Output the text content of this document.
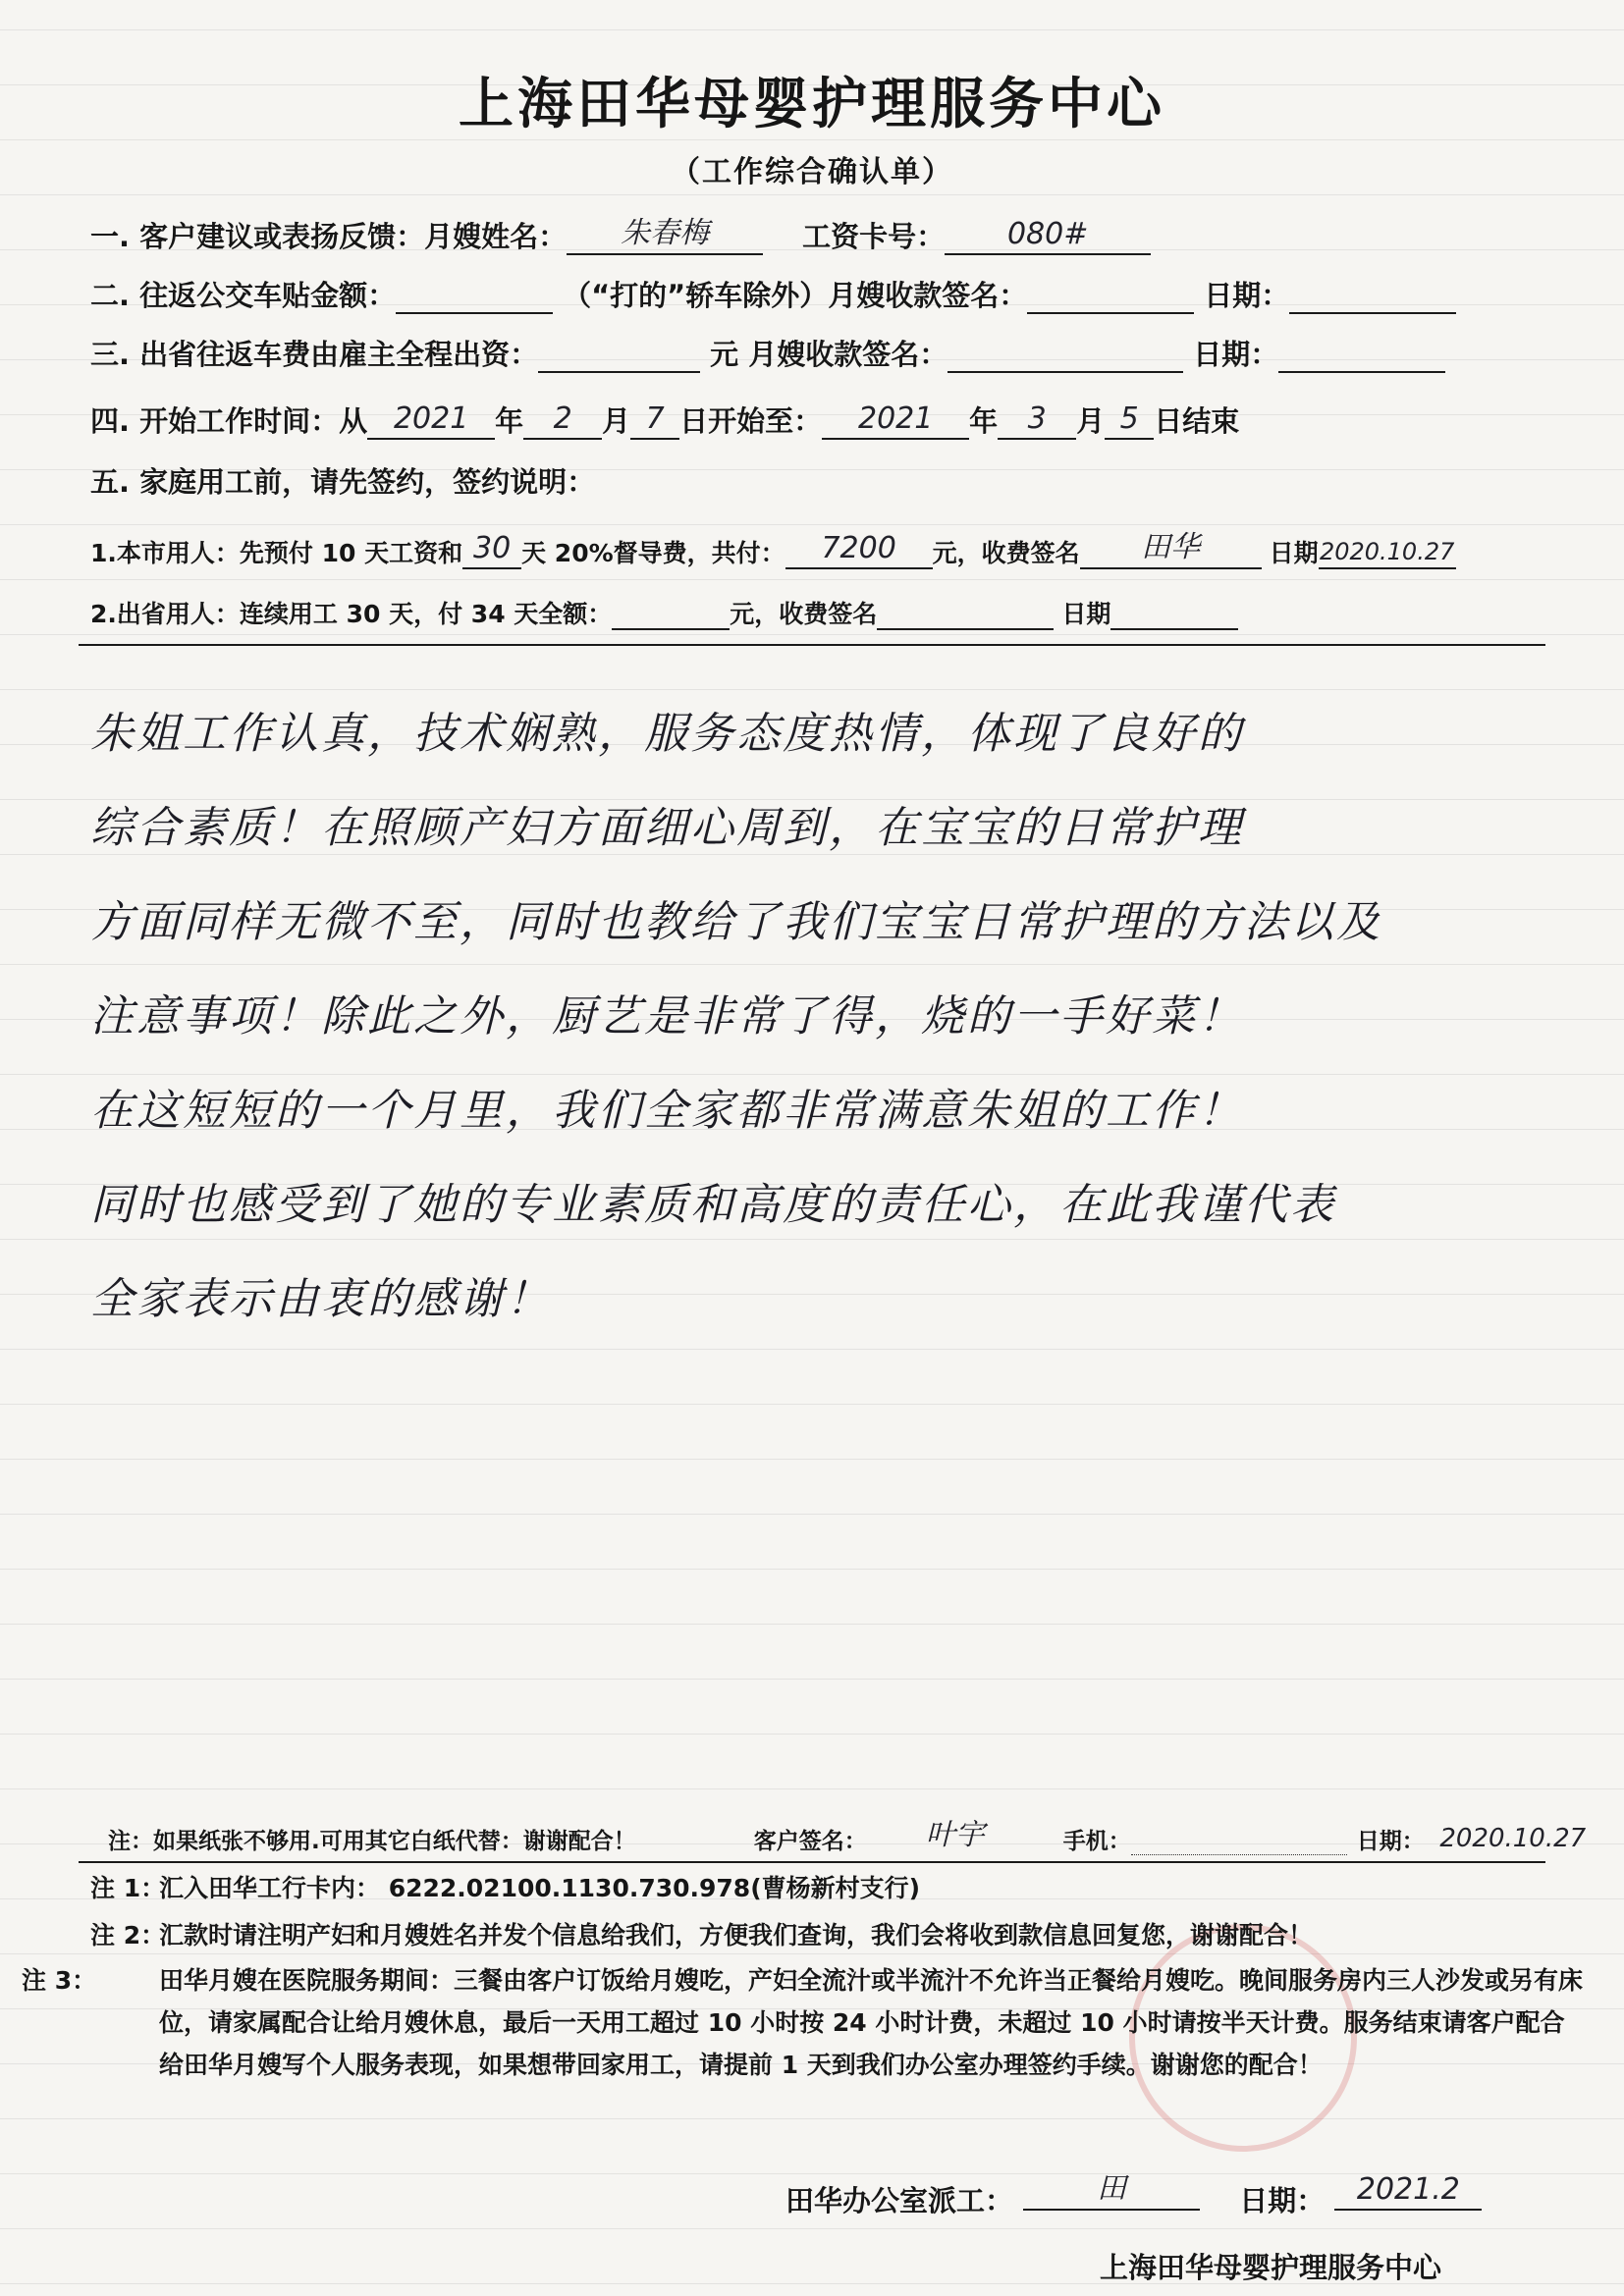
上海田华母婴护理服务中心
（工作综合确认单）
一. 客户建议或表扬反馈：月嫂姓名：	朱春梅	工资卡号：	080#
二. 往返公交车贴金额：	（“打的”轿车除外）月嫂收款签名：	日期：
三. 出省往返车费由雇主全程出资：	元 月嫂收款签名：	日期：
四. 开始工作时间：从 2021 年	2	月 7 日开始至：	2021	年	3	月 5 日结束
五. 家庭用工前，请先签约，签约说明：
1.本市用人：先预付 10 天工资和 30 天 20%督导费，共付：	7200	元，收费签名	田华	日期 2020.10.27
2.出省用人：连续用工 30 天，付 34 天全额：	元，收费签名	日期

朱姐工作认真，技术娴熟，服务态度热情，体现了良好的

综合素质！在照顾产妇方面细心周到，在宝宝的日常护理

方面同样无微不至，同时也教给了我们宝宝日常护理的方法以及

注意事项！除此之外，厨艺是非常了得，烧的一手好菜！

在这短短的一个月里，我们全家都非常满意朱姐的工作！

同时也感受到了她的专业素质和高度的责任心，在此我谨代表

全家表示由衷的感谢！

注：如果纸张不够用.可用其它白纸代替：谢谢配合！	客户签名：	叶宇	手机：	日期： 2020.10.27
注 1：汇入田华工行卡内： 6222.02100.1130.730.978(曹杨新村支行)
注 2：汇款时请注明产妇和月嫂姓名并发个信息给我们，方便我们查询，我们会将收到款信息回复您，谢谢配合！
注 3：	田华月嫂在医院服务期间：三餐由客户订饭给月嫂吃，产妇全流汁或半流汁不允许当正餐给月嫂吃。晚间服务房内三人沙发或另有床位，请家属配合让给月嫂休息，最后一天用工超过 10 小时按 24 小时计费，未超过 10 小时请按半天计费。服务结束请客户配合给田华月嫂写个人服务表现，如果想带回家用工，请提前 1 天到我们办公室办理签约手续。谢谢您的配合！
田华办公室派工：	田	日期：	2021.2
上海田华母婴护理服务中心
